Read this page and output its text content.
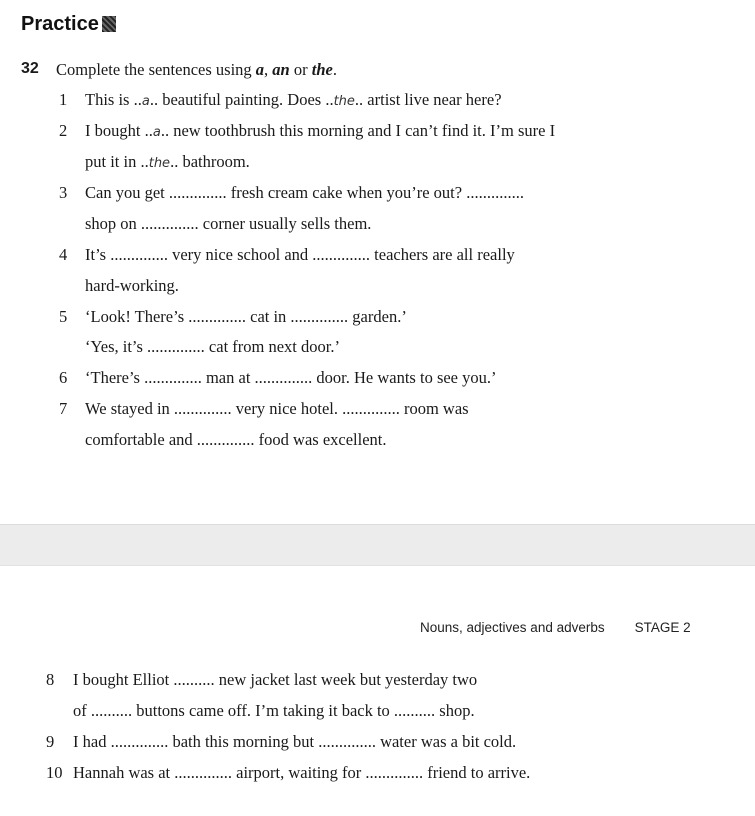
Practice
32 Complete the sentences using a, an or the.
1 This is ..a.. beautiful painting. Does ..the.. artist live near here?
2 I bought ..a.. new toothbrush this morning and I can’t find it. I’m sure I
put it in ..the.. bathroom.
3 Can you get .............. fresh cream cake when you’re out? ..............
shop on .............. corner usually sells them.
4 It’s .............. very nice school and .............. teachers are all really
hard-working.
5 ‘Look! There’s .............. cat in .............. garden.’
‘Yes, it’s .............. cat from next door.’
6 ‘There’s .............. man at .............. door. He wants to see you.’
7 We stayed in .............. very nice hotel. .............. room was
comfortable and .............. food was excellent.
Nouns, adjectives and adverbs STAGE 2
8 I bought Elliot .......... new jacket last week but yesterday two
of .......... buttons came off. I’m taking it back to .......... shop.
9 I had .............. bath this morning but .............. water was a bit cold.
10 Hannah was at .............. airport, waiting for .............. friend to arrive.
